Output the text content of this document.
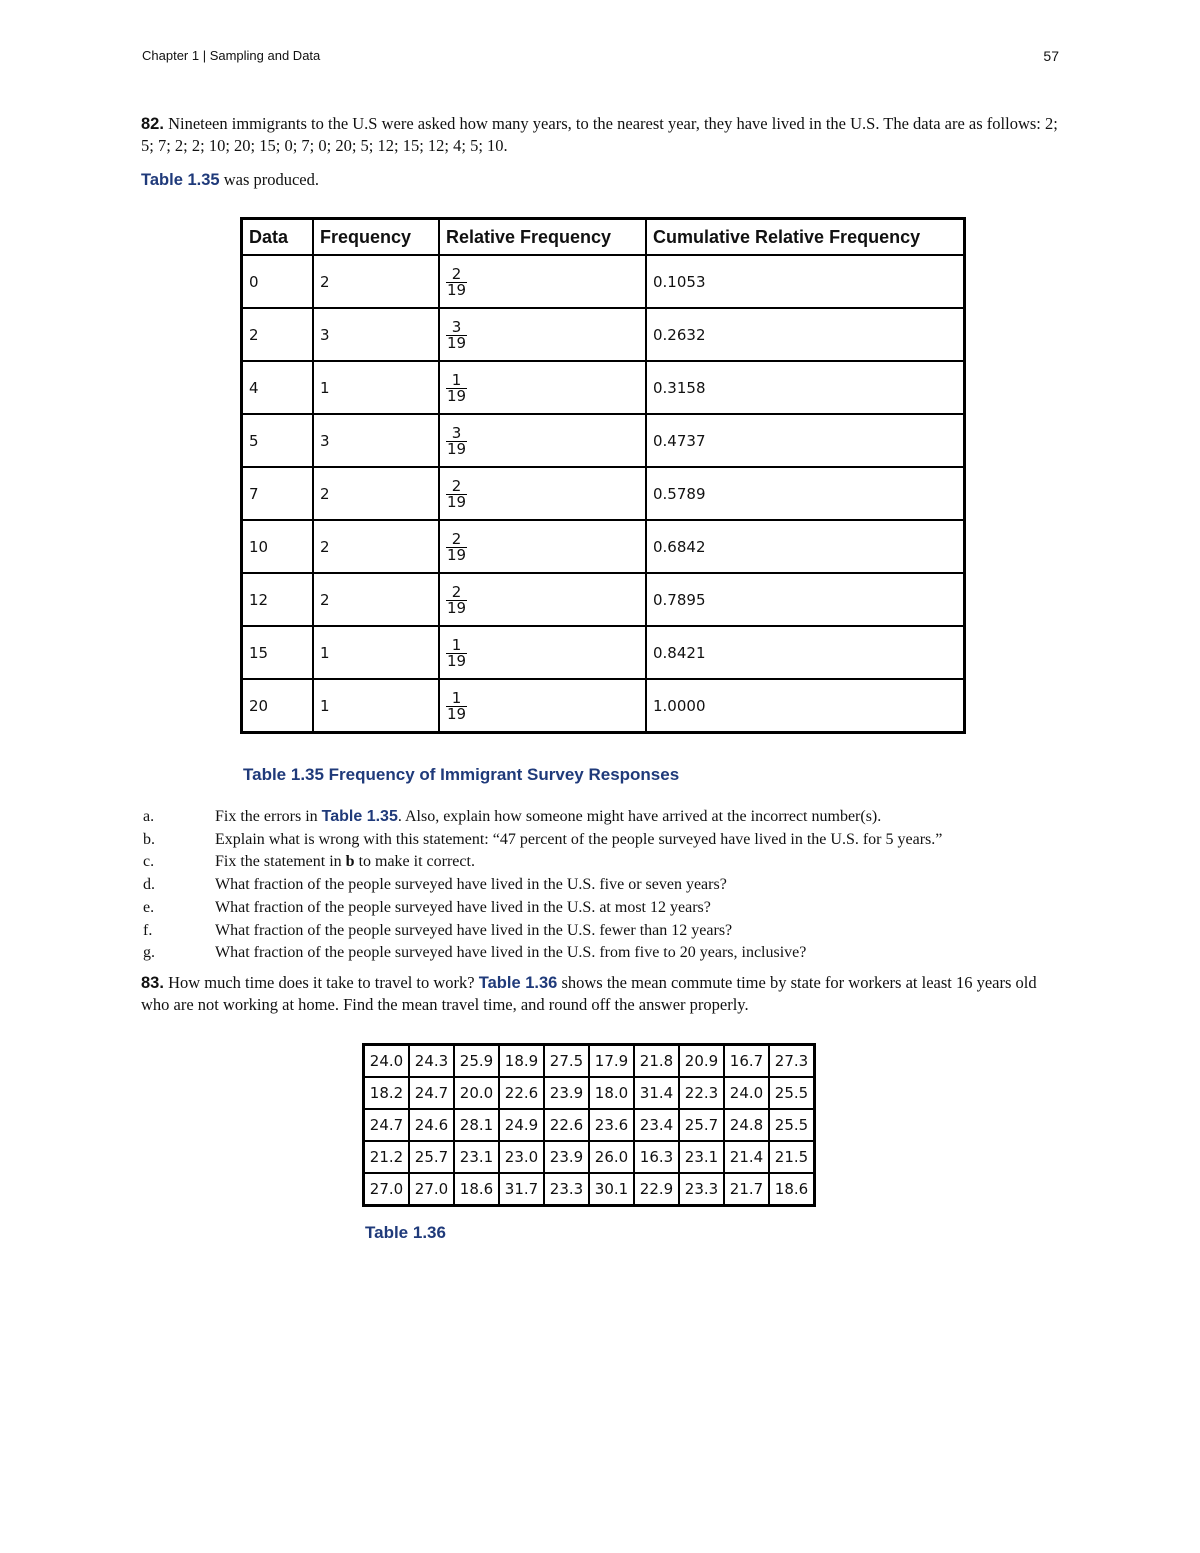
Chapter 1 | Sampling and Data	57
82. Nineteen immigrants to the U.S were asked how many years, to the nearest year, they have lived in the U.S. The data are as follows: 2; 5; 7; 2; 2; 10; 20; 15; 0; 7; 0; 20; 5; 12; 15; 12; 4; 5; 10.
Table 1.35 was produced.
Data	Frequency	Relative Frequency	Cumulative Relative Frequency
0	2	$\frac{2}{19}$	0.1053
2	3	$\frac{3}{19}$	0.2632
4	1	$\frac{1}{19}$	0.3158
5	3	$\frac{3}{19}$	0.4737
7	2	$\frac{2}{19}$	0.5789
10	2	$\frac{2}{19}$	0.6842
12	2	$\frac{2}{19}$	0.7895
15	1	$\frac{1}{19}$	0.8421
20	1	$\frac{1}{19}$	1.0000
Table 1.35 Frequency of Immigrant Survey Responses
a.	Fix the errors in Table 1.35. Also, explain how someone might have arrived at the incorrect number(s).
b.	Explain what is wrong with this statement: “47 percent of the people surveyed have lived in the U.S. for 5 years.”
c.	Fix the statement in b to make it correct.
d.	What fraction of the people surveyed have lived in the U.S. five or seven years?
e.	What fraction of the people surveyed have lived in the U.S. at most 12 years?
f.	What fraction of the people surveyed have lived in the U.S. fewer than 12 years?
g.	What fraction of the people surveyed have lived in the U.S. from five to 20 years, inclusive?
83. How much time does it take to travel to work? Table 1.36 shows the mean commute time by state for workers at least 16 years old who are not working at home. Find the mean travel time, and round off the answer properly.
24.0	24.3	25.9	18.9	27.5	17.9	21.8	20.9	16.7	27.3
18.2	24.7	20.0	22.6	23.9	18.0	31.4	22.3	24.0	25.5
24.7	24.6	28.1	24.9	22.6	23.6	23.4	25.7	24.8	25.5
21.2	25.7	23.1	23.0	23.9	26.0	16.3	23.1	21.4	21.5
27.0	27.0	18.6	31.7	23.3	30.1	22.9	23.3	21.7	18.6
Table 1.36
